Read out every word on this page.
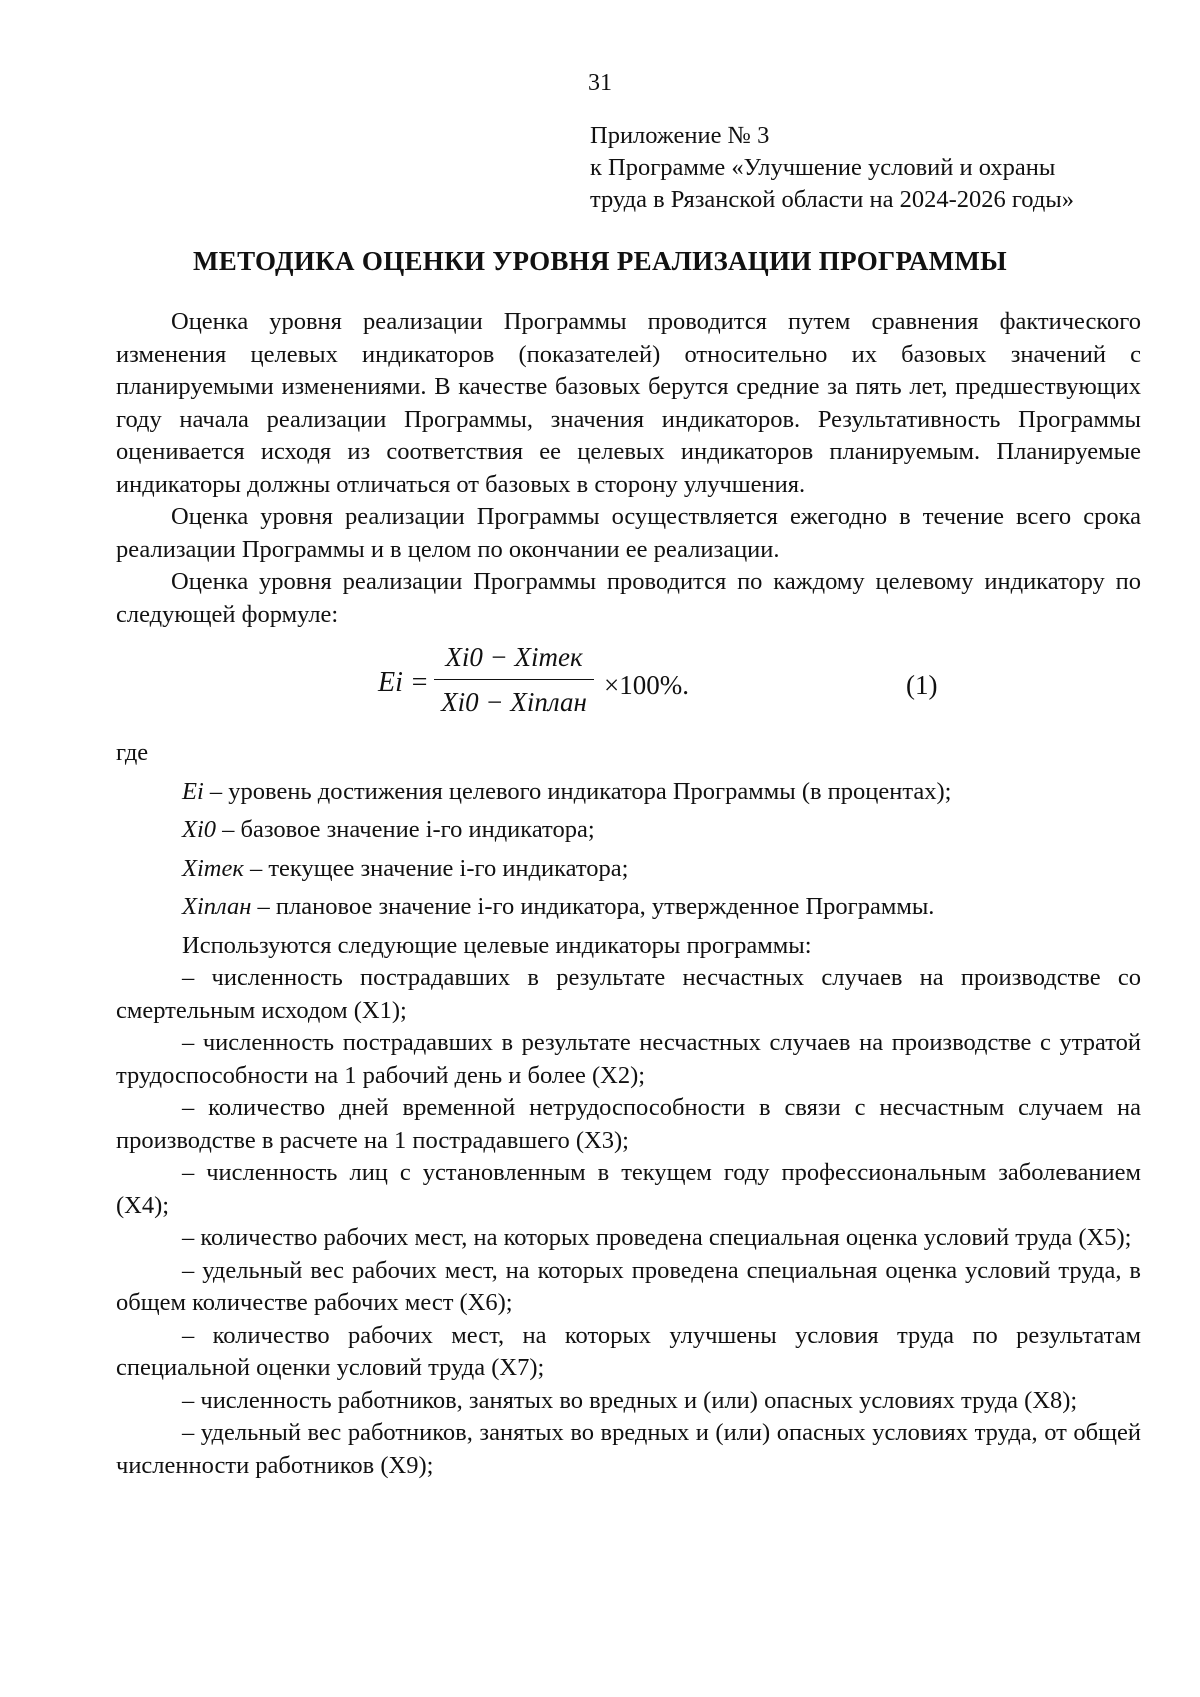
31
Приложение № 3
к Программе «Улучшение условий и охраны
труда в Рязанской области на 2024-2026 годы»
МЕТОДИКА ОЦЕНКИ УРОВНЯ РЕАЛИЗАЦИИ ПРОГРАММЫ
Оценка уровня реализации Программы проводится путем сравнения фактического изменения целевых индикаторов (показателей) относительно их базовых значений с планируемыми изменениями. В качестве базовых берутся средние за пять лет, предшествующих году начала реализации Программы, значения индикаторов. Результативность Программы оценивается исходя из соответствия ее целевых индикаторов планируемым. Планируемые индикаторы должны отличаться от базовых в сторону улучшения.
Оценка уровня реализации Программы осуществляется ежегодно в течение всего срока реализации Программы и в целом по окончании ее реализации.
Оценка уровня реализации Программы проводится по каждому целевому индикатору по следующей формуле:
Ei =
Xi0 − Xiтек
Xi0 − Xiплан
×100%.	(1)
где
Ei – уровень достижения целевого индикатора Программы (в процентах);
Xi0 – базовое значение i-го индикатора;
Xiтек – текущее значение i-го индикатора;
Xiплан – плановое значение i-го индикатора, утвержденное Программы.
Используются следующие целевые индикаторы программы:
– численность пострадавших в результате несчастных случаев на производстве со смертельным исходом (X1);
– численность пострадавших в результате несчастных случаев на производстве с утратой трудоспособности на 1 рабочий день и более (X2);
– количество дней временной нетрудоспособности в связи с несчастным случаем на производстве в расчете на 1 пострадавшего (X3);
– численность лиц с установленным в текущем году профессиональным заболеванием (X4);
– количество рабочих мест, на которых проведена специальная оценка условий труда (X5);
– удельный вес рабочих мест, на которых проведена специальная оценка условий труда, в общем количестве рабочих мест (X6);
– количество рабочих мест, на которых улучшены условия труда по результатам специальной оценки условий труда (X7);
– численность работников, занятых во вредных и (или) опасных условиях труда (X8);
– удельный вес работников, занятых во вредных и (или) опасных условиях труда, от общей численности работников (X9);
